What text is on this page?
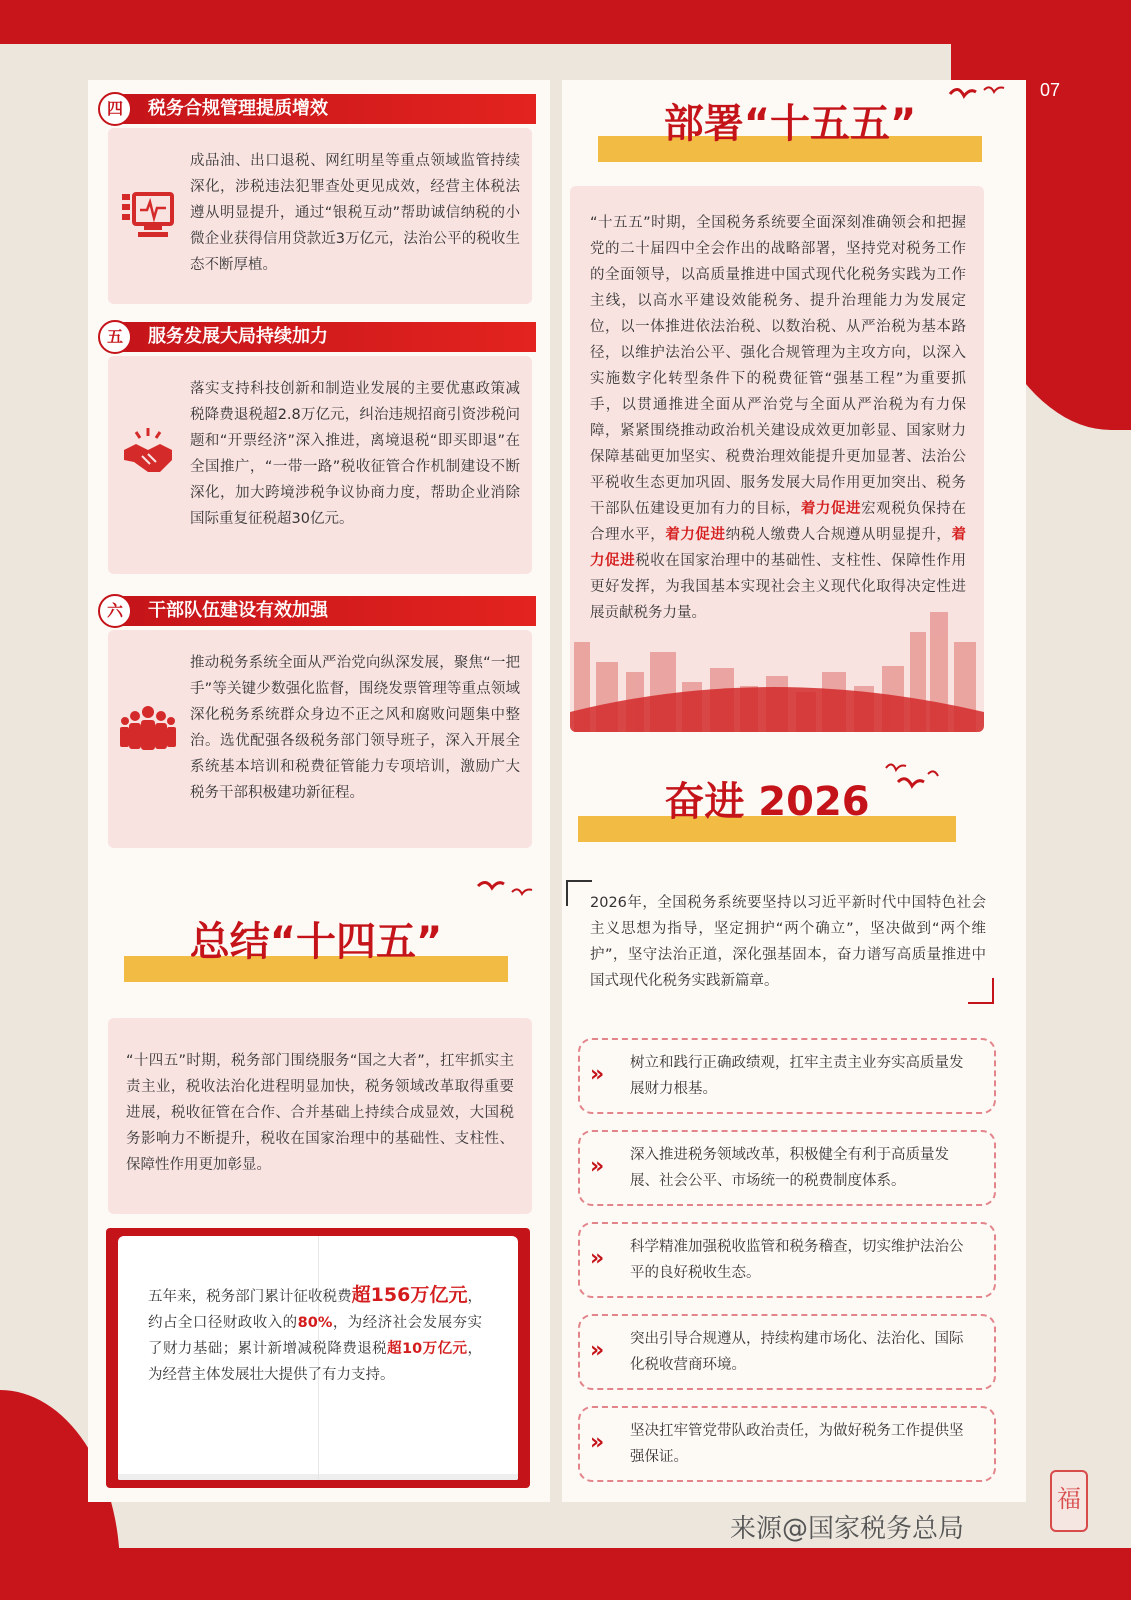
07
四	税务合规管理提质增效
成品油、出口退税、网红明星等重点领域监管持续深化，涉税违法犯罪查处更见成效，经营主体税法遵从明显提升，通过“银税互动”帮助诚信纳税的小微企业获得信用贷款近3万亿元，法治公平的税收生态不断厚植。
五	服务发展大局持续加力
落实支持科技创新和制造业发展的主要优惠政策减税降费退税超2.8万亿元，纠治违规招商引资涉税问题和“开票经济”深入推进，离境退税“即买即退”在全国推广，“一带一路”税收征管合作机制建设不断深化，加大跨境涉税争议协商力度，帮助企业消除国际重复征税超30亿元。
六	干部队伍建设有效加强
推动税务系统全面从严治党向纵深发展，聚焦“一把手”等关键少数强化监督，围绕发票管理等重点领域深化税务系统群众身边不正之风和腐败问题集中整治。选优配强各级税务部门领导班子，深入开展全系统基本培训和税费征管能力专项培训，激励广大税务干部积极建功新征程。
总结“十四五”
“十四五”时期，税务部门围绕服务“国之大者”，扛牢抓实主责主业，税收法治化进程明显加快，税务领域改革取得重要进展，税收征管在合作、合并基础上持续合成显效，大国税务影响力不断提升，税收在国家治理中的基础性、支柱性、保障性作用更加彰显。
五年来，税务部门累计征收税费超156万亿元，约占全口径财政收入的80%，为经济社会发展夯实了财力基础；累计新增减税降费退税超10万亿元，为经营主体发展壮大提供了有力支持。
部署“十五五”
“十五五”时期，全国税务系统要全面深刻准确领会和把握党的二十届四中全会作出的战略部署，坚持党对税务工作的全面领导，以高质量推进中国式现代化税务实践为工作主线，以高水平建设效能税务、提升治理能力为发展定位，以一体推进依法治税、以数治税、从严治税为基本路径，以维护法治公平、强化合规管理为主攻方向，以深入实施数字化转型条件下的税费征管“强基工程”为重要抓手，以贯通推进全面从严治党与全面从严治税为有力保障，紧紧围绕推动政治机关建设成效更加彰显、国家财力保障基础更加坚实、税费治理效能提升更加显著、法治公平税收生态更加巩固、服务发展大局作用更加突出、税务干部队伍建设更加有力的目标，着力促进宏观税负保持在合理水平，着力促进纳税人缴费人合规遵从明显提升，着力促进税收在国家治理中的基础性、支柱性、保障性作用更好发挥，为我国基本实现社会主义现代化取得决定性进展贡献税务力量。
奋进 2026
2026年，全国税务系统要坚持以习近平新时代中国特色社会主义思想为指导，坚定拥护“两个确立”，坚决做到“两个维护”，坚守法治正道，深化强基固本，奋力谱写高质量推进中国式现代化税务实践新篇章。
» 树立和践行正确政绩观，扛牢主责主业夯实高质量发展财力根基。
» 深入推进税务领域改革，积极健全有利于高质量发展、社会公平、市场统一的税费制度体系。
» 科学精准加强税收监管和税务稽查，切实维护法治公平的良好税收生态。
» 突出引导合规遵从，持续构建市场化、法治化、国际化税收营商环境。
» 坚决扛牢管党带队政治责任，为做好税务工作提供坚强保证。
来源@国家税务总局
福
